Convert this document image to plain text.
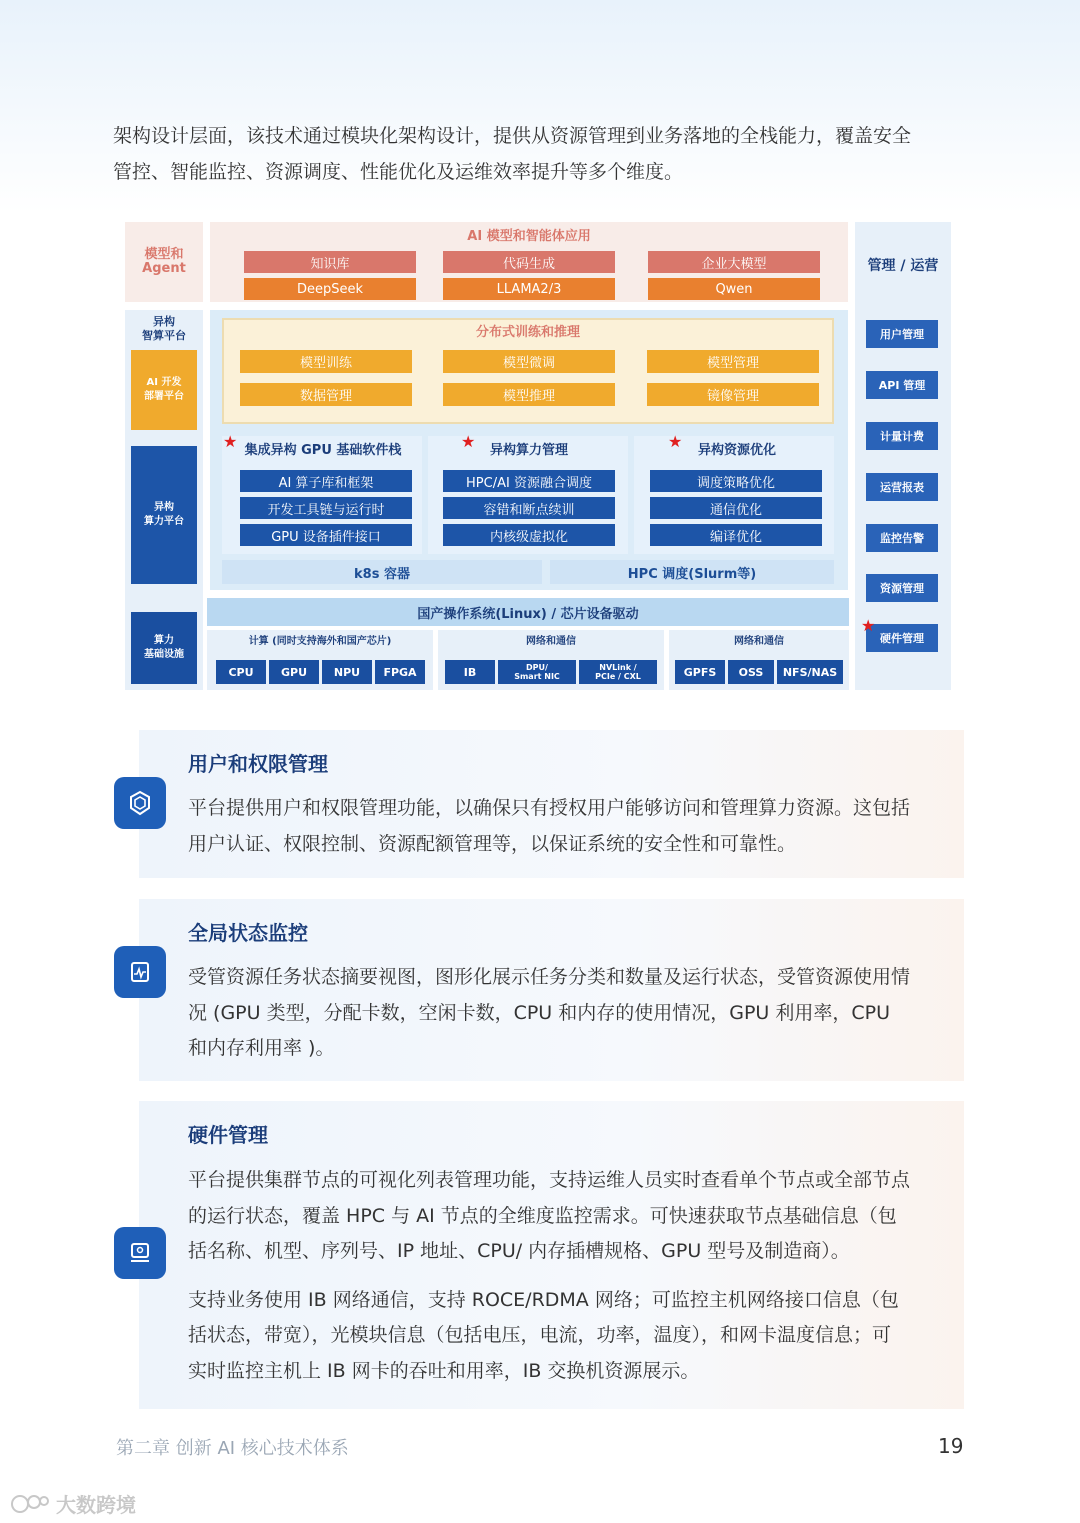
架构设计层面，该技术通过模块化架构设计，提供从资源管理到业务落地的全栈能力，覆盖安全
管控、智能监控、资源调度、性能优化及运维效率提升等多个维度。
模型和
Agent
异构
智算平台
AI 开发
部署平台
异构
算力平台
算力
基础设施
AI 模型和智能体应用
知识库	代码生成	企业大模型
DeepSeek	LLAMA2/3	Qwen
分布式训练和推理
模型训练	模型微调	模型管理
数据管理	模型推理	镜像管理
★	★	★
集成异构 GPU 基础软件栈	异构算力管理	异构资源优化
AI 算子库和框架
开发工具链与运行时
GPU 设备插件接口
HPC/AI 资源融合调度
容错和断点续训
内核级虚拟化
调度策略优化
通信优化
编译优化
k8s 容器	HPC 调度(Slurm等)
国产操作系统(Linux) / 芯片设备驱动
计算 (同时支持海外和国产芯片)	网络和通信	网络和通信
CPU	GPU	NPU	FPGA	IB	DPU/
Smart NIC
NVLink /
PCIe / CXL	GPFS	OSS	NFS/NAS
管理 / 运营
用户管理
API 管理
计量计费
运营报表
监控告警
资源管理
硬件管理
★
用户和权限管理
平台提供用户和权限管理功能，以确保只有授权用户能够访问和管理算力资源。这包括
用户认证、权限控制、资源配额管理等，以保证系统的安全性和可靠性。
全局状态监控
受管资源任务状态摘要视图，图形化展示任务分类和数量及运行状态，受管资源使用情
况 (GPU 类型，分配卡数，空闲卡数，CPU 和内存的使用情况，GPU 利用率，CPU
和内存利用率 )。
硬件管理
平台提供集群节点的可视化列表管理功能，支持运维人员实时查看单个节点或全部节点
的运行状态，覆盖 HPC 与 AI 节点的全维度监控需求。可快速获取节点基础信息（包
括名称、机型、序列号、IP 地址、CPU/ 内存插槽规格、GPU 型号及制造商）。
支持业务使用 IB 网络通信，支持 ROCE/RDMA 网络；可监控主机网络接口信息（包
括状态，带宽），光模块信息（包括电压，电流，功率，温度），和网卡温度信息；可
实时监控主机上 IB 网卡的吞吐和用率，IB 交换机资源展示。
第二章 创新 AI 核心技术体系	19
大数跨境
